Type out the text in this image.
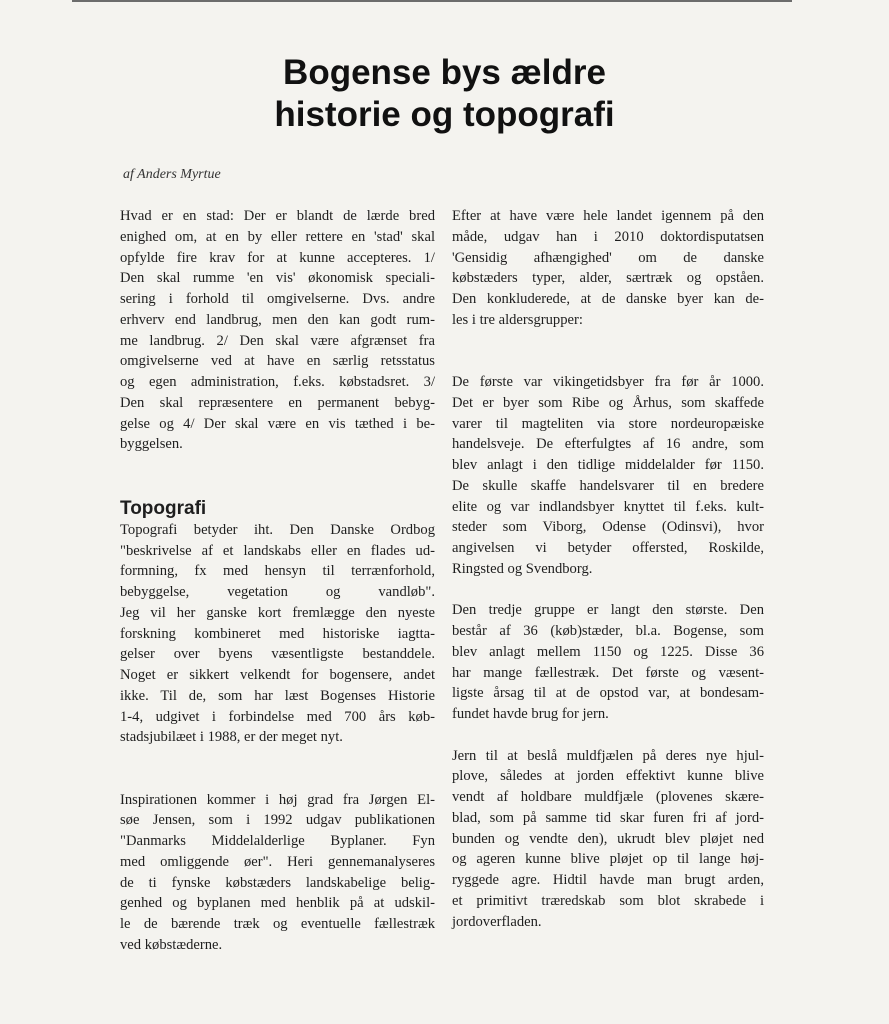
Bogense bys ældre
historie og topografi
af Anders Myrtue

Hvad er en stad: Der er blandt de lærde bred
enighed om, at en by eller rettere en 'stad' skal
opfylde fire krav for at kunne accepteres. 1/
Den skal rumme 'en vis' økonomisk speciali-
sering i forhold til omgivelserne. Dvs. andre
erhverv end landbrug, men den kan godt rum-
me landbrug. 2/ Den skal være afgrænset fra
omgivelserne ved at have en særlig retsstatus
og egen administration, f.eks. købstadsret. 3/
Den skal repræsentere en permanent bebyg-
gelse og 4/ Der skal være en vis tæthed i be-
byggelsen.

Topografi

Topografi betyder iht. Den Danske Ordbog
"beskrivelse af et landskabs eller en flades ud-
formning, fx med hensyn til terrænforhold,
bebyggelse, vegetation og vandløb".
Jeg vil her ganske kort fremlægge den nyeste
forskning kombineret med historiske iagtta-
gelser over byens væsentligste bestanddele.
Noget er sikkert velkendt for bogensere, andet
ikke. Til de, som har læst Bogenses Historie
1-4, udgivet i forbindelse med 700 års køb-
stadsjubilæet i 1988, er der meget nyt.

Inspirationen kommer i høj grad fra Jørgen El-
søe Jensen, som i 1992 udgav publikationen
"Danmarks Middelalderlige Byplaner. Fyn
med omliggende øer". Heri gennemanalyseres
de ti fynske købstæders landskabelige belig-
genhed og byplanen med henblik på at udskil-
le de bærende træk og eventuelle fællestræk
ved købstæderne.

Efter at have være hele landet igennem på den
måde, udgav han i 2010 doktordisputatsen
'Gensidig afhængighed' om de danske
købstæders typer, alder, særtræk og opståen.
Den konkluderede, at de danske byer kan de-
les i tre aldersgrupper:

De første var vikingetidsbyer fra før år 1000.
Det er byer som Ribe og Århus, som skaffede
varer til magteliten via store nordeuropæiske
handelsveje. De efterfulgtes af 16 andre, som
blev anlagt i den tidlige middelalder før 1150.
De skulle skaffe handelsvarer til en bredere
elite og var indlandsbyer knyttet til f.eks. kult-
steder som Viborg, Odense (Odinsvi), hvor
angivelsen vi betyder offersted, Roskilde,
Ringsted og Svendborg.

Den tredje gruppe er langt den største. Den
består af 36 (køb)stæder, bl.a. Bogense, som
blev anlagt mellem 1150 og 1225. Disse 36
har mange fællestræk. Det første og væsent-
ligste årsag til at de opstod var, at bondesam-
fundet havde brug for jern.

Jern til at beslå muldfjælen på deres nye hjul-
plove, således at jorden effektivt kunne blive
vendt af holdbare muldfjæle (plovenes skære-
blad, som på samme tid skar furen fri af jord-
bunden og vendte den), ukrudt blev pløjet ned
og ageren kunne blive pløjet op til lange høj-
ryggede agre. Hidtil havde man brugt arden,
et primitivt træredskab som blot skrabede i
jordoverfladen.
